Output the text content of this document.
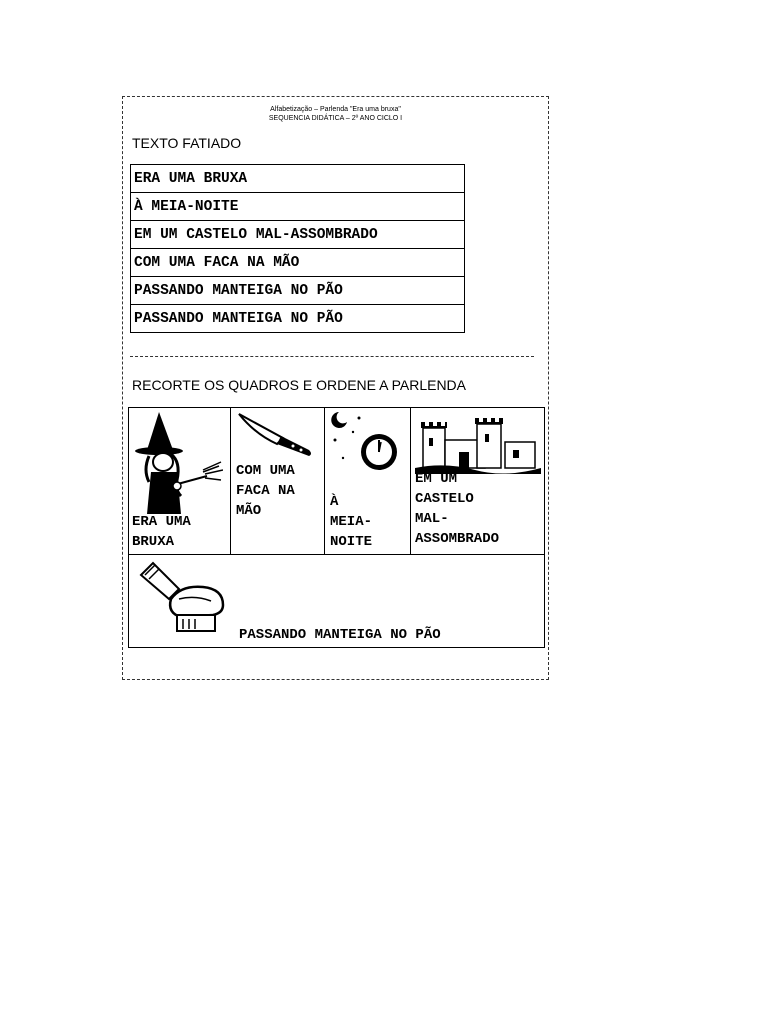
Alfabetização – Parlenda "Era uma bruxa"
SEQUENCIA DIDÁTICA – 2º ANO CICLO I
TEXTO FATIADO
ERA UMA BRUXA
À MEIA-NOITE
EM UM CASTELO MAL-ASSOMBRADO
COM UMA FACA NA MÃO
PASSANDO MANTEIGA NO PÃO
PASSANDO MANTEIGA NO PÃO
RECORTE OS QUADROS E ORDENE A PARLENDA
ERA UMA
BRUXA
COM UMA
FACA NA
MÃO
À
MEIA-
NOITE
EM UM
CASTELO
MAL-
ASSOMBRADO
PASSANDO MANTEIGA NO PÃO
